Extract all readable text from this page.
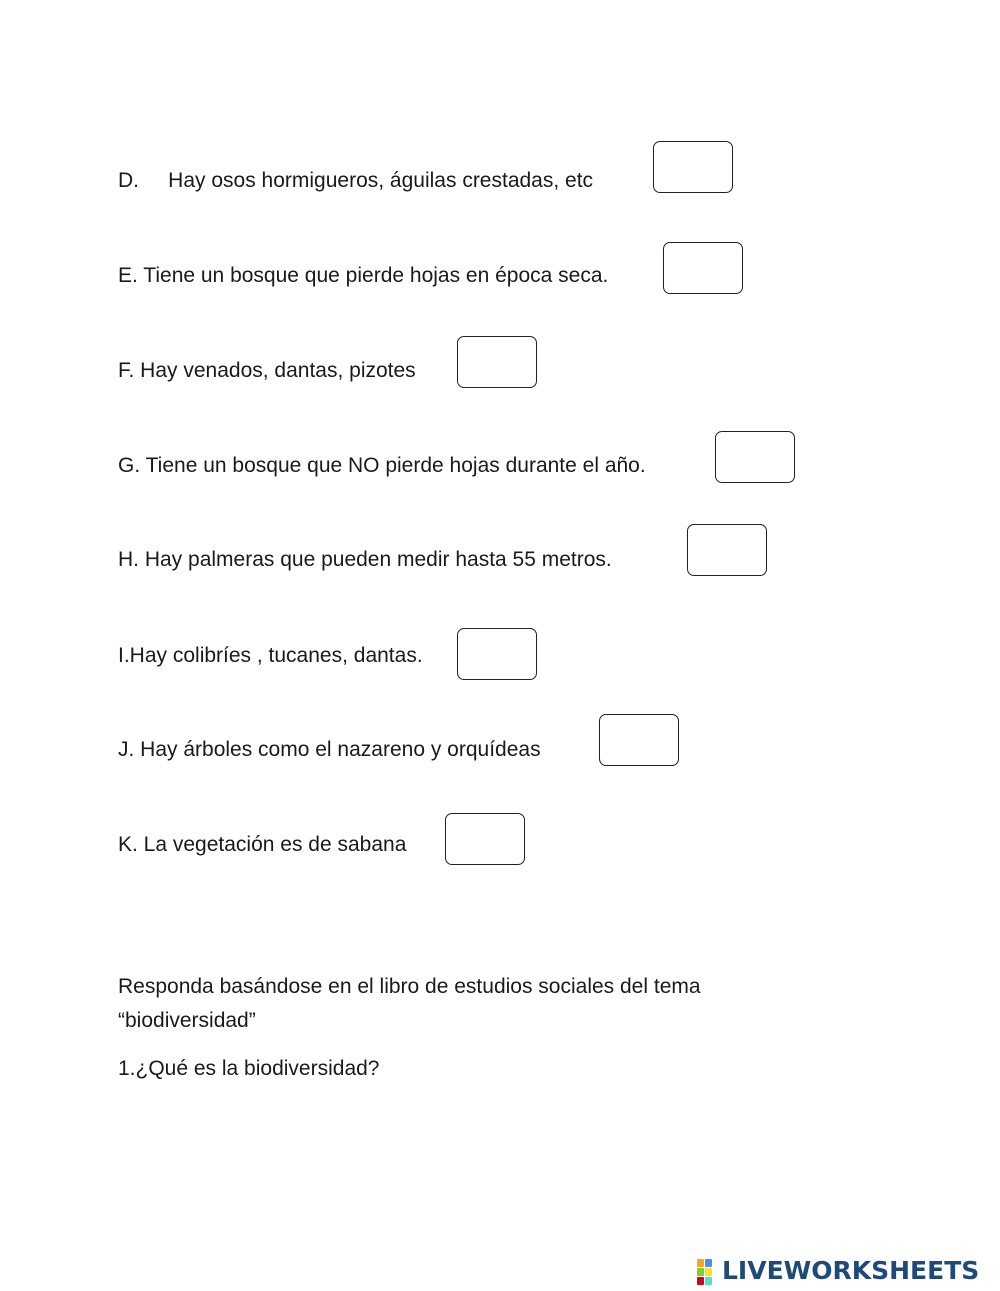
D.     Hay osos hormigueros, águilas crestadas, etc
E. Tiene un bosque que pierde hojas en época seca.
F. Hay venados, dantas, pizotes
G. Tiene un bosque que NO pierde hojas durante el año.
H. Hay palmeras que pueden medir hasta 55 metros.
I.Hay colibríes , tucanes, dantas.
J. Hay árboles como el nazareno y orquídeas
K. La vegetación es de sabana
Responda basándose en el libro de estudios sociales del tema
“biodiversidad”
1.¿Qué es la biodiversidad?
LIVEWORKSHEETS
